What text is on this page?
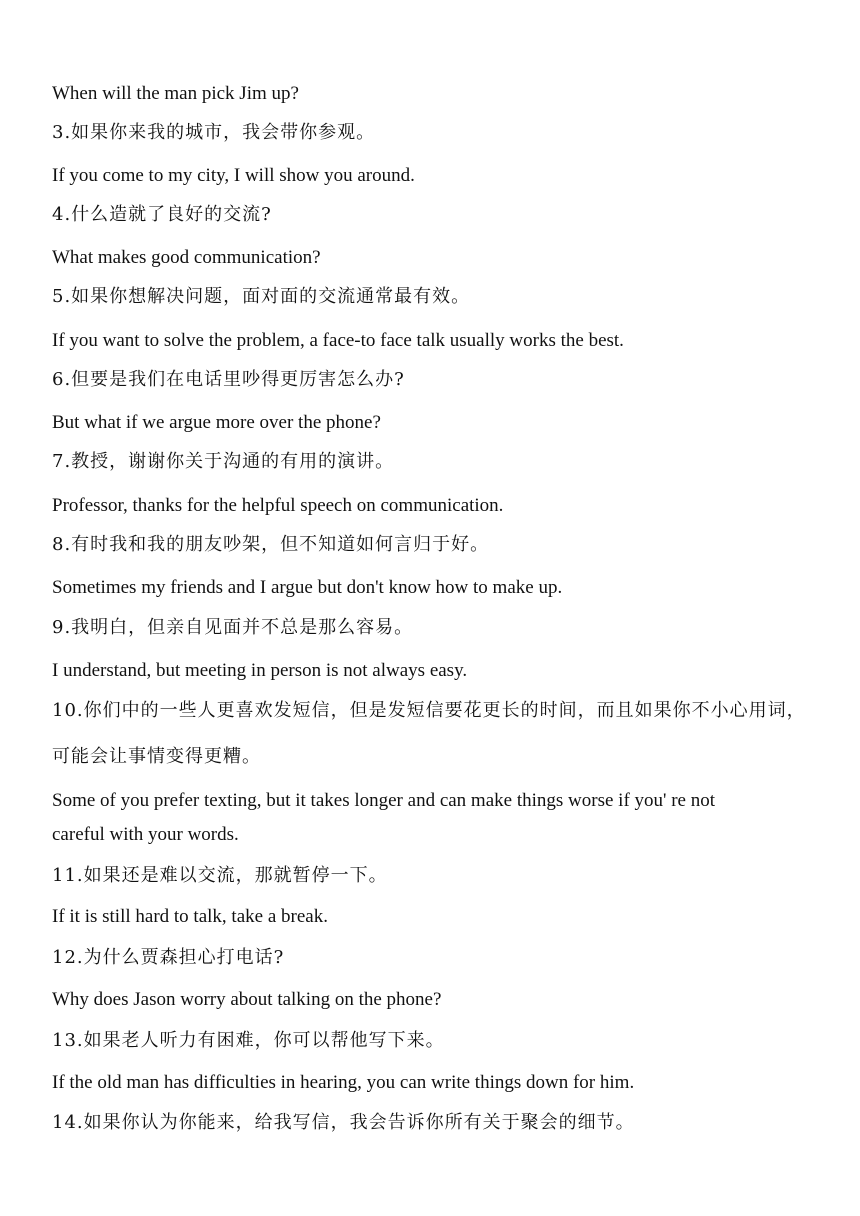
When will the man pick Jim up?

3.如果你来我的城市，我会带你参观。

If you come to my city, I will show you around.

4.什么造就了良好的交流?

What makes good communication?

5.如果你想解决问题，面对面的交流通常最有效。

If you want to solve the problem, a face-to face talk usually works the best.

6.但要是我们在电话里吵得更厉害怎么办?

But what if we argue more over the phone?

7.教授，谢谢你关于沟通的有用的演讲。

Professor, thanks for the helpful speech on communication.

8.有时我和我的朋友吵架，但不知道如何言归于好。

Sometimes my friends and I argue but don't know how to make up.

9.我明白，但亲自见面并不总是那么容易。

I understand, but meeting in person is not always easy.

10.你们中的一些人更喜欢发短信，但是发短信要花更长的时间，而且如果你不小心用词，可能会让事情变得更糟。

Some of you prefer texting, but it takes longer and can make things worse if you' re not careful with your words.

11.如果还是难以交流，那就暂停一下。

If it is still hard to talk, take a break.

12.为什么贾森担心打电话?

Why does Jason worry about talking on the phone?

13.如果老人听力有困难，你可以帮他写下来。

If the old man has difficulties in hearing, you can write things down for him.

14.如果你认为你能来，给我写信，我会告诉你所有关于聚会的细节。
